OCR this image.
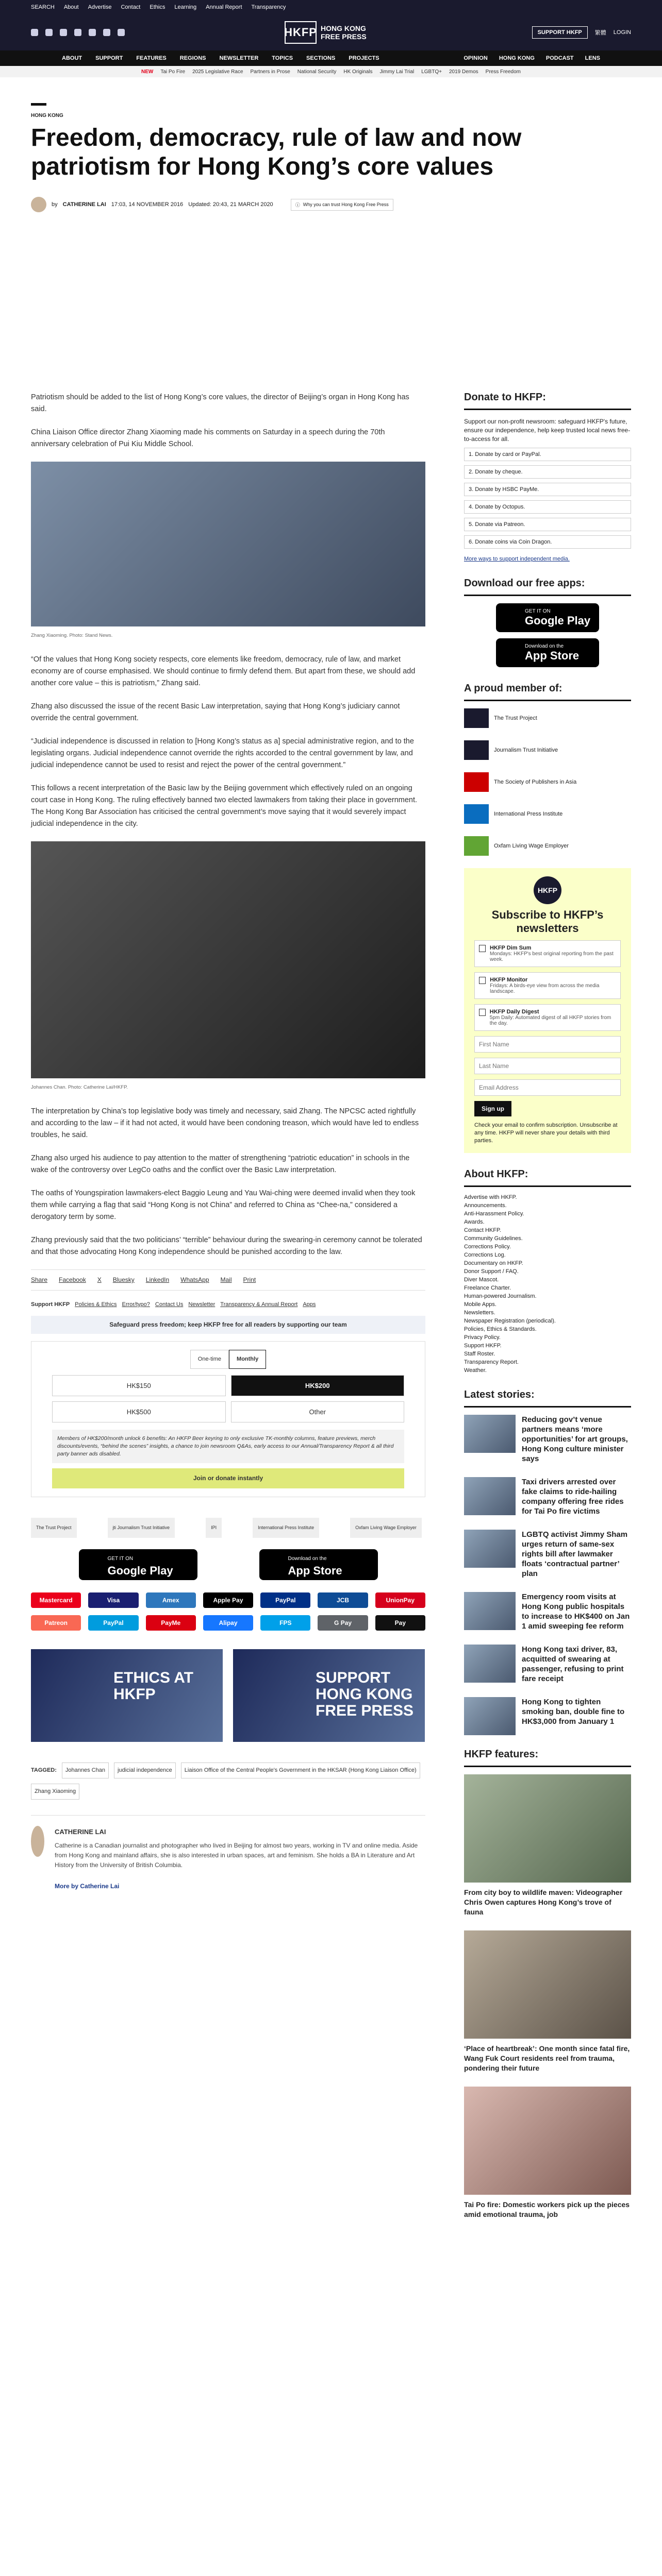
SEARCH About Advertise Contact Ethics Learning Annual Report Transparency
HKFP HONG KONG FREE PRESS	SUPPORT HKFP	繁體 LOGIN
ABOUT SUPPORT FEATURES REGIONS NEWSLETTER TOPICS SECTIONS PROJECTS	OPINION HONG KONG PODCAST LENS
NEW Tai Po Fire 2025 Legislative Race Partners in Prose National Security HK Originals Jimmy Lai Trial LGBTQ+ 2019 Demos Press Freedom
HONG KONG
Freedom, democracy, rule of law and now patriotism for Hong Kong’s core values
by CATHERINE LAI 17:03, 14 NOVEMBER 2016 Updated: 20:43, 21 MARCH 2020	ⓘ Why you can trust Hong Kong Free Press

Patriotism should be added to the list of Hong Kong’s core values, the director of Beijing’s organ in Hong Kong has said.

China Liaison Office director Zhang Xiaoming made his comments on Saturday in a speech during the 70th anniversary celebration of Pui Kiu Middle School.

Zhang Xiaoming. Photo: Stand News.

“Of the values that Hong Kong society respects, core elements like freedom, democracy, rule of law, and market economy are of course emphasised. We should continue to firmly defend them. But apart from these, we should add another core value – this is patriotism,” Zhang said.

Zhang also discussed the issue of the recent Basic Law interpretation, saying that Hong Kong’s judiciary cannot override the central government.

“Judicial independence is discussed in relation to [Hong Kong’s status as a] special administrative region, and to the legislating organs. Judicial independence cannot override the rights accorded to the central government by law, and judicial independence cannot be used to resist and reject the power of the central government.”

This follows a recent interpretation of the Basic law by the Beijing government which effectively ruled on an ongoing court case in Hong Kong. The ruling effectively banned two elected lawmakers from taking their place in government. The Hong Kong Bar Association has criticised the central government’s move saying that it would severely impact judicial independence in the city.

Johannes Chan. Photo: Catherine Lai/HKFP.

The interpretation by China’s top legislative body was timely and necessary, said Zhang. The NPCSC acted rightfully and according to the law – if it had not acted, it would have been condoning treason, which would have led to endless troubles, he said.

Zhang also urged his audience to pay attention to the matter of strengthening “patriotic education” in schools in the wake of the controversy over LegCo oaths and the conflict over the Basic Law interpretation.

The oaths of Youngspiration lawmakers-elect Baggio Leung and Yau Wai-ching were deemed invalid when they took them while carrying a flag that said “Hong Kong is not China” and referred to China as “Chee-na,” considered a derogatory term by some.

Zhang previously said that the two politicians’ “terrible” behaviour during the swearing-in ceremony cannot be tolerated and that those advocating Hong Kong independence should be punished according to the law.

Share Facebook X Bluesky LinkedIn WhatsApp Mail Print
Support HKFP Policies & Ethics Error/typo? Contact Us Newsletter Transparency & Annual Report Apps
Safeguard press freedom; keep HKFP free for all readers by supporting our team
One-time	Monthly
HK$150	HK$200
HK$500	Other
Members of HK$200/month unlock 6 benefits: An HKFP Beer keyring to only exclusive TK-monthly columns, feature previews, merch discounts/events, “behind the scenes” insights, a chance to join newsroom Q&As, early access to our Annual/Transparency Report & all third party banner ads disabled.
Join or donate instantly
The Trust Project	jti Journalism Trust Initiative	IPI	International Press Institute	Oxfam Living Wage Employer
GET IT ON
Google Play
Download on the
App Store
Mastercard	Visa	Amex	Apple Pay	PayPal	JCB	UnionPay
Patreon	PayPal	PayMe	Alipay	FPS	G Pay	Pay
ETHICS AT HKFP
SUPPORT HONG KONG FREE PRESS
TAGGED:	Johannes Chan	judicial independence	Liaison Office of the Central People's Government in the HKSAR (Hong Kong Liaison Office)
Zhang Xiaoming
CATHERINE LAI

Catherine is a Canadian journalist and photographer who lived in Beijing for almost two years, working in TV and online media. Aside from Hong Kong and mainland affairs, she is also interested in urban spaces, art and feminism. She holds a BA in Literature and Art History from the University of British Columbia.

More by Catherine Lai

Donate to HKFP:

Support our non-profit newsroom: safeguard HKFP's future, ensure our independence, help keep trusted local news free-to-access for all.

1. Donate by card or PayPal.
2. Donate by cheque.
3. Donate by HSBC PayMe.
4. Donate by Octopus.
5. Donate via Patreon.
6. Donate coins via Coin Dragon.
More ways to support independent media.
Download our free apps:
GET IT ON
Google Play
Download on the
App Store
A proud member of:
The Trust Project
Journalism Trust Initiative
The Society of Publishers in Asia
International Press Institute
Oxfam Living Wage Employer
HKFP
Subscribe to HKFP’s newsletters
HKFP Dim Sum
Mondays: HKFP's best original reporting from the past week.
HKFP Monitor
Fridays: A birds-eye view from across the media landscape.
HKFP Daily Digest
5pm Daily: Automated digest of all HKFP stories from the day.
First Name Last Name Email Address Sign up

Check your email to confirm subscription. Unsubscribe at any time. HKFP will never share your details with third parties.

About HKFP:
Advertise with HKFP.
Announcements.
Anti-Harassment Policy.
Awards.
Contact HKFP.
Community Guidelines.
Corrections Policy.
Corrections Log.
Documentary on HKFP.
Donor Support / FAQ.
Diver Mascot.
Freelance Charter.
Human-powered Journalism.
Mobile Apps.
Newsletters.
Newspaper Registration (periodical).
Policies, Ethics & Standards.
Privacy Policy.
Support HKFP.
Staff Roster.
Transparency Report.
Weather.
Latest stories:
Reducing gov’t venue partners means ‘more opportunities’ for art groups, Hong Kong culture minister says
Taxi drivers arrested over fake claims to ride-hailing company offering free rides for Tai Po fire victims
LGBTQ activist Jimmy Sham urges return of same-sex rights bill after lawmaker floats ‘contractual partner’ plan
Emergency room visits at Hong Kong public hospitals to increase to HK$400 on Jan 1 amid sweeping fee reform
Hong Kong taxi driver, 83, acquitted of swearing at passenger, refusing to print fare receipt
Hong Kong to tighten smoking ban, double fine to HK$3,000 from January 1
HKFP features:
From city boy to wildlife maven: Videographer Chris Owen captures Hong Kong’s trove of fauna
‘Place of heartbreak’: One month since fatal fire, Wang Fuk Court residents reel from trauma, pondering their future
Tai Po fire: Domestic workers pick up the pieces amid emotional trauma, job
